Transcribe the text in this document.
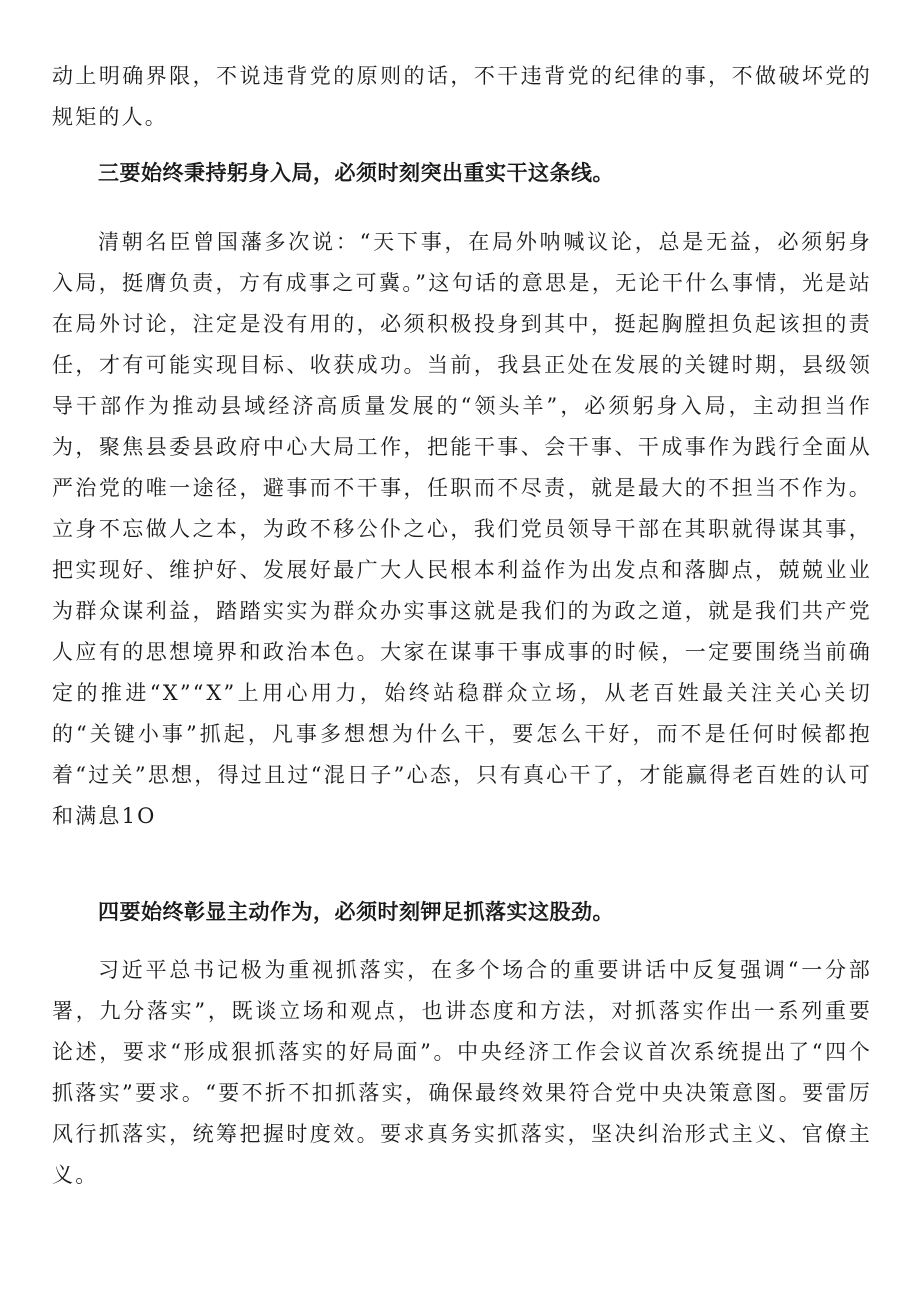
动上明确界限，不说违背党的原则的话，不干违背党的纪律的事，不做破坏党的规矩的人。

三要始终秉持躬身入局，必须时刻突出重实干这条线。

清朝名臣曾国藩多次说：“天下事，在局外呐喊议论，总是无益，必须躬身入局，挺膺负责，方有成事之可冀。”这句话的意思是，无论干什么事情，光是站在局外讨论，注定是没有用的，必须积极投身到其中，挺起胸膛担负起该担的责任，才有可能实现目标、收获成功。当前，我县正处在发展的关键时期，县级领导干部作为推动县域经济高质量发展的“领头羊”，必须躬身入局，主动担当作为，聚焦县委县政府中心大局工作，把能干事、会干事、干成事作为践行全面从严治党的唯一途径，避事而不干事，任职而不尽责，就是最大的不担当不作为。立身不忘做人之本，为政不移公仆之心，我们党员领导干部在其职就得谋其事，把实现好、维护好、发展好最广大人民根本利益作为出发点和落脚点，兢兢业业为群众谋利益，踏踏实实为群众办实事这就是我们的为政之道，就是我们共产党人应有的思想境界和政治本色。大家在谋事干事成事的时候，一定要围绕当前确定的推进“X”“X”上用心用力，始终站稳群众立场，从老百姓最关注关心关切的“关键小事”抓起，凡事多想想为什么干，要怎么干好，而不是任何时候都抱着“过关”思想，得过且过“混日子”心态，只有真心干了，才能赢得老百姓的认可和满息1O

四要始终彰显主动作为，必须时刻钾足抓落实这股劲。

习近平总书记极为重视抓落实，在多个场合的重要讲话中反复强调“一分部署，九分落实”，既谈立场和观点，也讲态度和方法，对抓落实作出一系列重要论述，要求“形成狠抓落实的好局面”。中央经济工作会议首次系统提出了“四个抓落实”要求。“要不折不扣抓落实，确保最终效果符合党中央决策意图。要雷厉风行抓落实，统筹把握时度效。要求真务实抓落实，坚决纠治形式主义、官僚主义。
